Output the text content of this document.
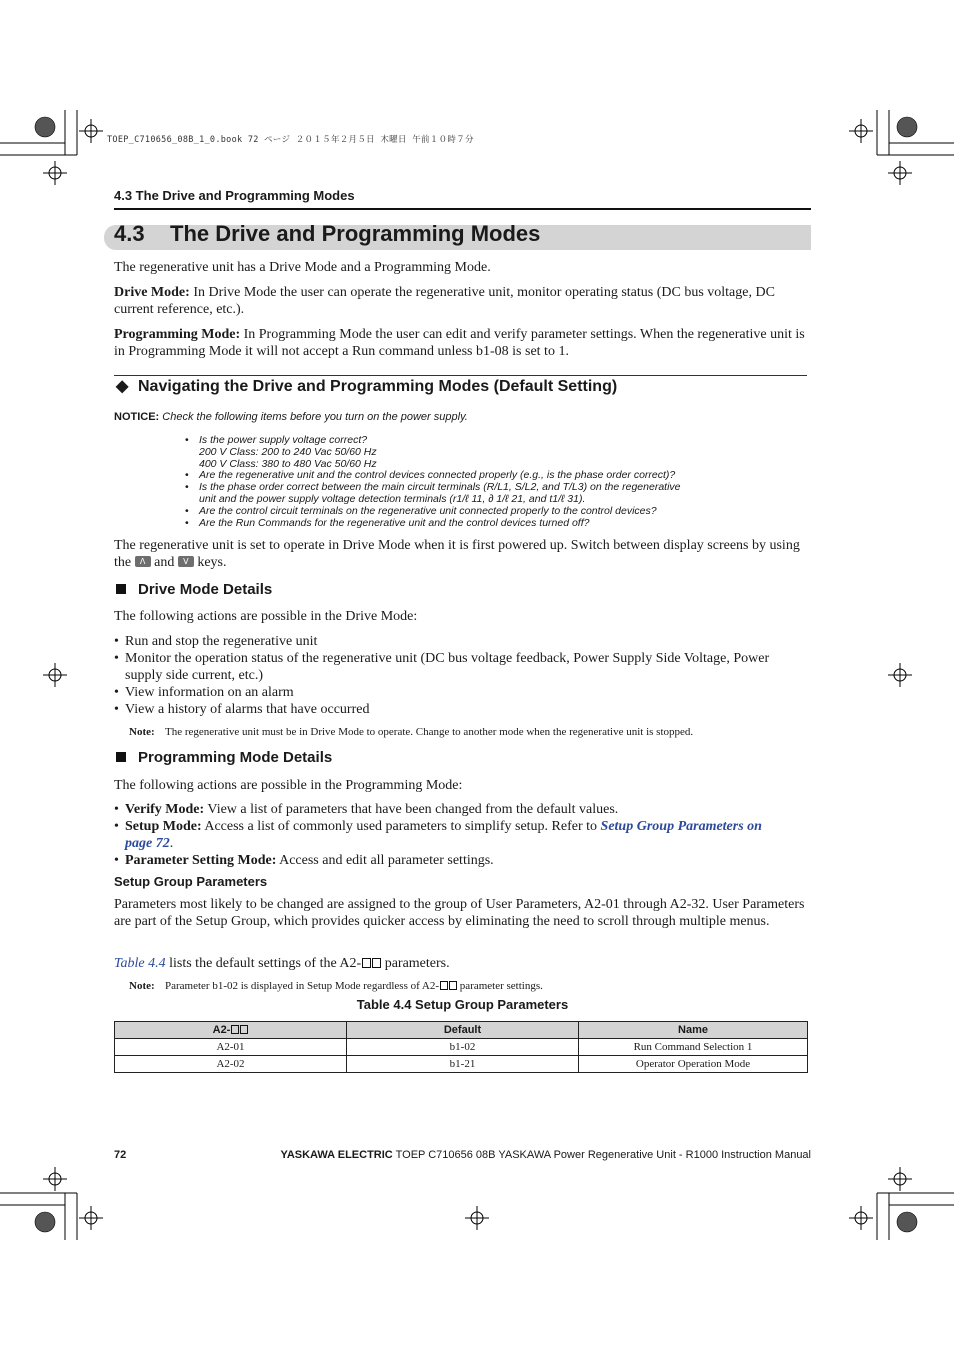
TOEP_C710656_08B_1_0.book 72 ページ ２０１５年２月５日 木曜日 午前１０時７分
4.3 The Drive and Programming Modes
4.3 The Drive and Programming Modes
The regenerative unit has a Drive Mode and a Programming Mode.
Drive Mode: In Drive Mode the user can operate the regenerative unit, monitor operating status (DC bus voltage, DC current reference, etc.).
Programming Mode: In Programming Mode the user can edit and verify parameter settings. When the regenerative unit is in Programming Mode it will not accept a Run command unless b1-08 is set to 1.
◆ Navigating the Drive and Programming Modes (Default Setting)
NOTICE: Check the following items before you turn on the power supply.
• Is the power supply voltage correct?
200 V Class: 200 to 240 Vac 50/60 Hz
400 V Class: 380 to 480 Vac 50/60 Hz
• Are the regenerative unit and the control devices connected properly (e.g., is the phase order correct)?
• Is the phase order correct between the main circuit terminals (R/L1, S/L2, and T/L3) on the regenerative
unit and the power supply voltage detection terminals (r1/ℓ 11, ∂ 1/ℓ 21, and t1/ℓ 31).
• Are the control circuit terminals on the regenerative unit connected properly to the control devices?
• Are the Run Commands for the regenerative unit and the control devices turned off?
The regenerative unit is set to operate in Drive Mode when it is first powered up. Switch between display screens by using
the Λ and V keys.
Drive Mode Details
The following actions are possible in the Drive Mode:
• Run and stop the regenerative unit
• Monitor the operation status of the regenerative unit (DC bus voltage feedback, Power Supply Side Voltage, Power
supply side current, etc.)
• View information on an alarm
• View a history of alarms that have occurred
Note: The regenerative unit must be in Drive Mode to operate. Change to another mode when the regenerative unit is stopped.
Programming Mode Details
The following actions are possible in the Programming Mode:
• Verify Mode: View a list of parameters that have been changed from the default values.
• Setup Mode: Access a list of commonly used parameters to simplify setup. Refer to Setup Group Parameters on
page 72.
• Parameter Setting Mode: Access and edit all parameter settings.
Setup Group Parameters
Parameters most likely to be changed are assigned to the group of User Parameters, A2-01 through A2-32. User Parameters are part of the Setup Group, which provides quicker access by eliminating the need to scroll through multiple menus.
Table 4.4 lists the default settings of the A2- parameters.
Note: Parameter b1-02 is displayed in Setup Mode regardless of A2- parameter settings.
Table 4.4 Setup Group Parameters
A2-	Default	Name
A2-01	b1-02	Run Command Selection 1
A2-02	b1-21	Operator Operation Mode
72	YASKAWA ELECTRIC TOEP C710656 08B YASKAWA Power Regenerative Unit - R1000 Instruction Manual
